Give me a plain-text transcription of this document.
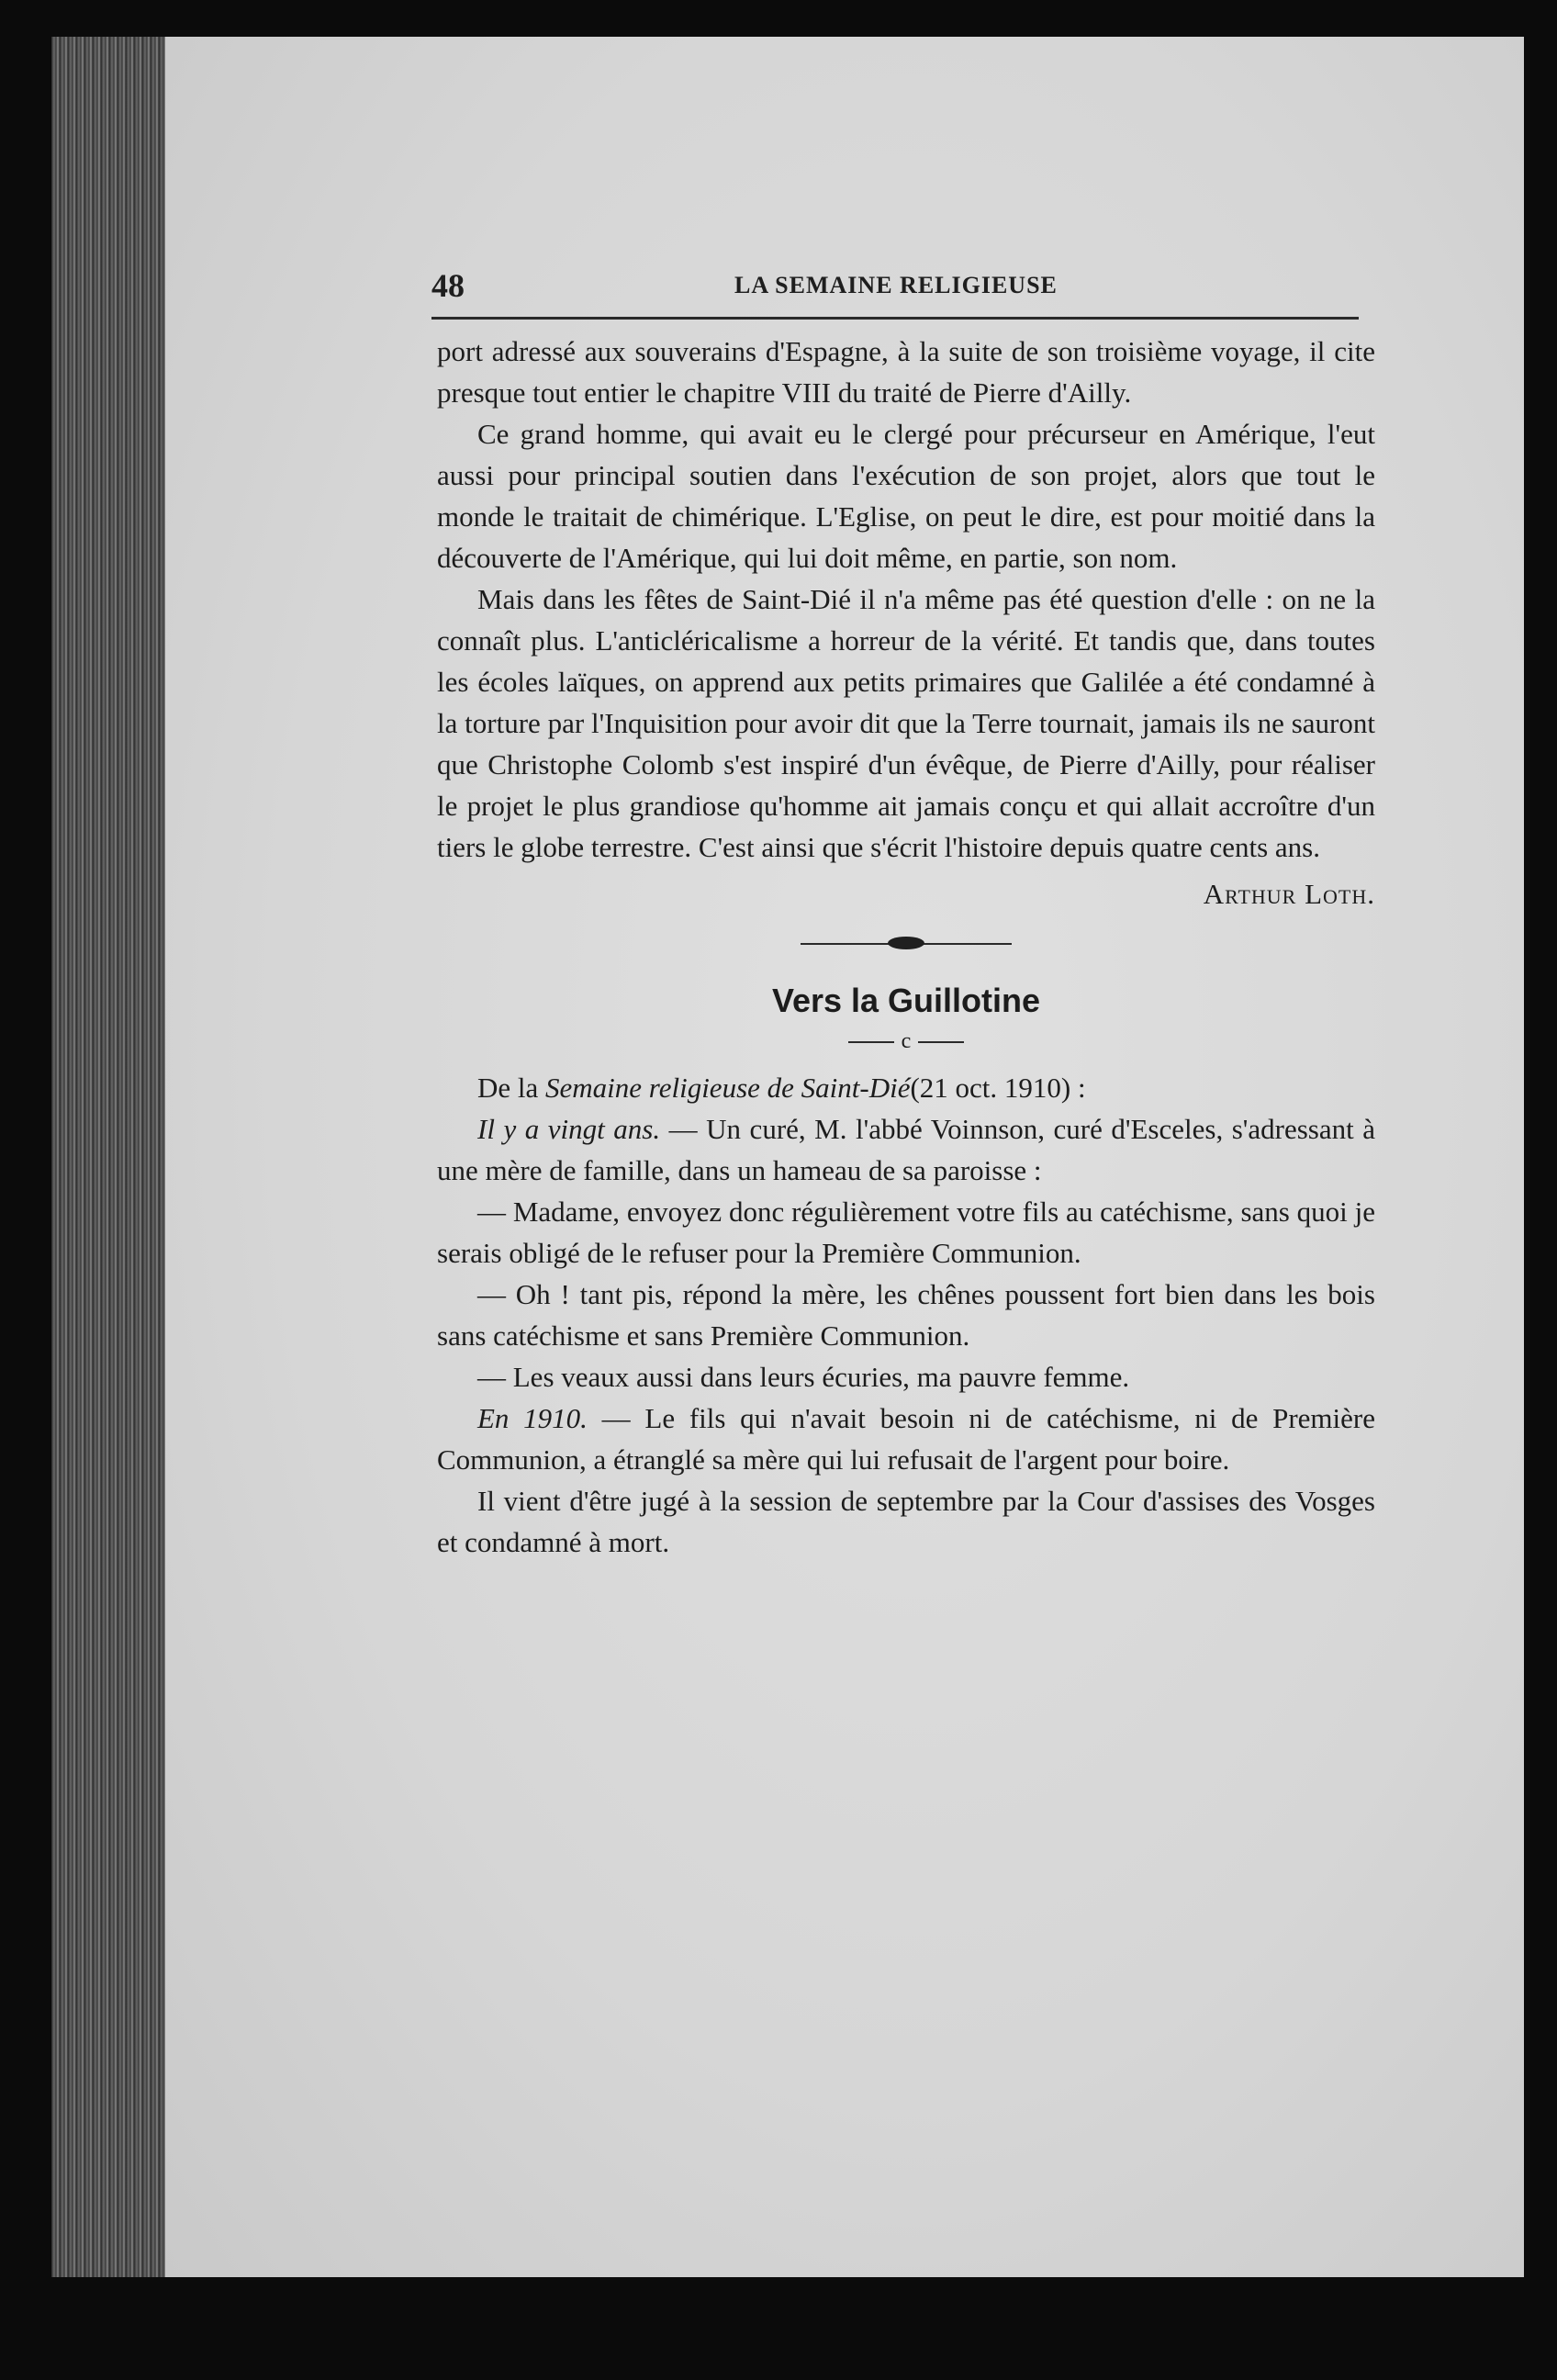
48	LA SEMAINE RELIGIEUSE

port adressé aux souverains d'Espagne, à la suite de son troisième voyage, il cite presque tout entier le chapitre VIII du traité de Pierre d'Ailly.

Ce grand homme, qui avait eu le clergé pour précurseur en Amérique, l'eut aussi pour principal soutien dans l'exécution de son projet, alors que tout le monde le traitait de chimérique. L'Eglise, on peut le dire, est pour moitié dans la découverte de l'Amérique, qui lui doit même, en partie, son nom.

Mais dans les fêtes de Saint-Dié il n'a même pas été question d'elle : on ne la connaît plus. L'anticléricalisme a horreur de la vérité. Et tandis que, dans toutes les écoles laïques, on apprend aux petits primaires que Galilée a été condamné à la torture par l'Inquisition pour avoir dit que la Terre tournait, jamais ils ne sauront que Christophe Colomb s'est inspiré d'un évêque, de Pierre d'Ailly, pour réaliser le projet le plus grandiose qu'homme ait jamais conçu et qui allait accroître d'un tiers le globe terrestre. C'est ainsi que s'écrit l'histoire depuis quatre cents ans.

Arthur Loth.

Vers la Guillotine

c

De la Semaine religieuse de Saint-Dié(21 oct. 1910) :

Il y a vingt ans. — Un curé, M. l'abbé Voinnson, curé d'Esceles, s'adressant à une mère de famille, dans un hameau de sa paroisse :

— Madame, envoyez donc régulièrement votre fils au catéchisme, sans quoi je serais obligé de le refuser pour la Première Communion.

— Oh ! tant pis, répond la mère, les chênes poussent fort bien dans les bois sans catéchisme et sans Première Communion.

— Les veaux aussi dans leurs écuries, ma pauvre femme.

En 1910. — Le fils qui n'avait besoin ni de catéchisme, ni de Première Communion, a étranglé sa mère qui lui refusait de l'argent pour boire.

Il vient d'être jugé à la session de septembre par la Cour d'assises des Vosges et condamné à mort.
